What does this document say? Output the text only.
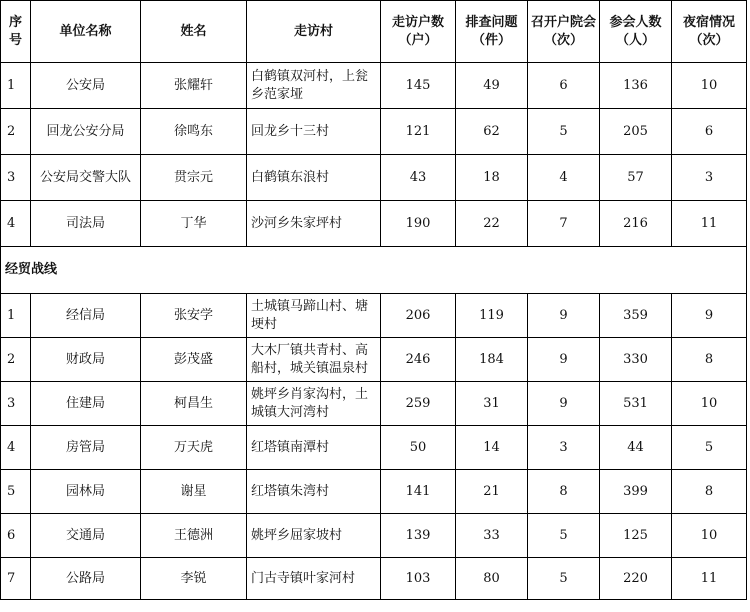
序号	单位名称	姓名	走访村	走访户数（户）	排查问题（件）	召开户院会（次）	参会人数（人）	夜宿情况（次）
1	公安局	张耀轩	白鹤镇双河村，上瓮乡范家垭	145	49	6	136	10
2	回龙公安分局	徐鸣东	回龙乡十三村	121	62	5	205	6
3	公安局交警大队	贯宗元	白鹤镇东浪村	43	18	4	57	3
4	司法局	丁华	沙河乡朱家坪村	190	22	7	216	11
经贸战线								
1	经信局	张安学	土城镇马蹄山村、塘埂村	206	119	9	359	9
2	财政局	彭茂盛	大木厂镇共青村、高船村，城关镇温泉村	246	184	9	330	8
3	住建局	柯昌生	姚坪乡肖家沟村，土城镇大河湾村	259	31	9	531	10
4	房管局	万天虎	红塔镇南潭村	50	14	3	44	5
5	园林局	谢星	红塔镇朱湾村	141	21	8	399	8
6	交通局	王德洲	姚坪乡屈家坡村	139	33	5	125	10
7	公路局	李锐	门古寺镇叶家河村	103	80	5	220	11
